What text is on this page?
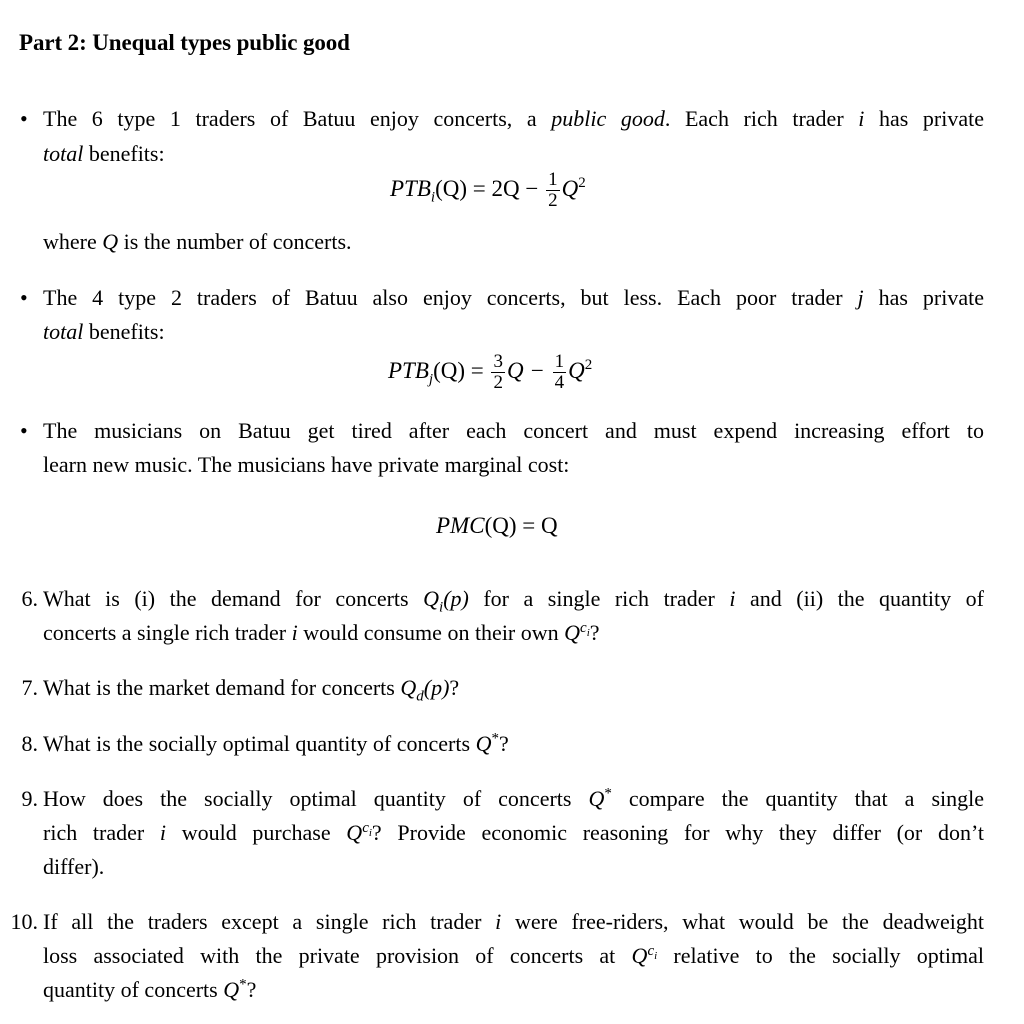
Part 2: Unequal types public good
• The 6 type 1 traders of Batuu enjoy concerts, a public good. Each rich trader i has private
total benefits:
$PTB_i(Q) = 2Q - \frac{1}{2} Q^2$
where Q is the number of concerts.
• The 4 type 2 traders of Batuu also enjoy concerts, but less. Each poor trader j has private
total benefits:
$PTB_j(Q) = \frac{3}{2}$ $Q - \frac{1}{4} Q^2$
• The musicians on Batuu get tired after each concert and must expend increasing effort to
learn new music. The musicians have private marginal cost:
PMC(Q) = Q
6. What is (i) the demand for concerts $Q_i(p)$ for a single rich trader i and (ii) the quantity of
concerts a single rich trader i would consume on their own $Q^{c_i}$?
7. What is the market demand for concerts $Q_d(p)$?
8. What is the socially optimal quantity of concerts Q*?
9. How does the socially optimal quantity of concerts Q* compare the quantity that a single
rich trader i would purchase $Q^{c_i}$? Provide economic reasoning for why they differ (or don’t
differ).
10. If all the traders except a single rich trader i were free-riders, what would be the deadweight
loss associated with the private provision of concerts at $Q^{c_i}$ relative to the socially optimal
quantity of concerts Q*?
